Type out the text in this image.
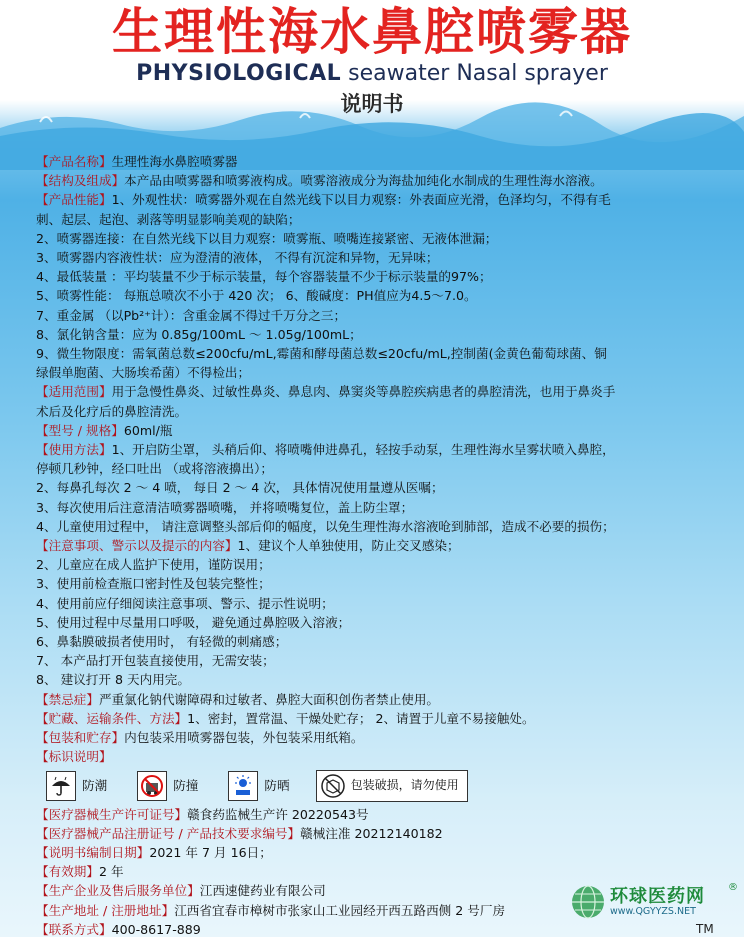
生理性海水鼻腔喷雾器
PHYSIOLOGICAL seawater Nasal sprayer
说明书
【产品名称】生理性海水鼻腔喷雾器
【结构及组成】本产品由喷雾器和喷雾液构成。喷雾溶液成分为海盐加纯化水制成的生理性海水溶液。
【产品性能】1、外观性状：喷雾器外观在自然光线下以目力观察：外表面应光滑，色泽均匀，不得有毛
刺、起层、起泡、剥落等明显影响美观的缺陷；
2、喷雾器连接：在自然光线下以目力观察：喷雾瓶、喷嘴连接紧密、无液体泄漏；
3、喷雾器内容液性状：应为澄清的液体， 不得有沉淀和异物，无异味；
4、最低装量 ：平均装量不少于标示装量，每个容器装量不少于标示装量的97%；
5、喷雾性能： 每瓶总喷次不小于 420 次； 6、酸碱度：PH值应为4.5～7.0。
7、重金属 （以Pb²⁺计）：含重金属不得过千万分之三；
8、氯化钠含量：应为 0.85g/100mL ～ 1.05g/100mL；
9、微生物限度：需氧菌总数≤200cfu/mL,霉菌和酵母菌总数≤20cfu/mL,控制菌(金黄色葡萄球菌、铜
绿假单胞菌、大肠埃希菌）不得检出；
【适用范围】用于急慢性鼻炎、过敏性鼻炎、鼻息肉、鼻窦炎等鼻腔疾病患者的鼻腔清洗，也用于鼻炎手
术后及化疗后的鼻腔清洗。
【型号 / 规格】60ml/瓶
【使用方法】1、开启防尘罩， 头稍后仰、将喷嘴伸进鼻孔，轻按手动泵，生理性海水呈雾状喷入鼻腔，
停顿几秒钟，经口吐出 （或将溶液擤出）；
2、每鼻孔每次 2 ～ 4 喷， 每日 2 ～ 4 次， 具体情况使用量遵从医嘱；
3、每次使用后注意清洁喷雾器喷嘴， 并将喷嘴复位，盖上防尘罩；
4、儿童使用过程中， 请注意调整头部后仰的幅度，以免生理性海水溶液呛到肺部，造成不必要的损伤；
【注意事项、警示以及提示的内容】1、建议个人单独使用，防止交叉感染；
2、儿童应在成人监护下使用，谨防误用；
3、使用前检查瓶口密封性及包装完整性；
4、使用前应仔细阅读注意事项、警示、提示性说明；
5、使用过程中尽量用口呼吸， 避免通过鼻腔吸入溶液；
6、鼻黏膜破损者使用时， 有轻微的刺痛感；
7、 本产品打开包装直接使用，无需安装；
8、 建议打开 8 天内用完。
【禁忌症】严重氯化钠代谢障碍和过敏者、鼻腔大面积创伤者禁止使用。
【贮藏、运输条件、方法】1、密封，置常温、干燥处贮存； 2、请置于儿童不易接触处。
【包装和贮存】内包装采用喷雾器包装，外包装采用纸箱。
【标识说明】
防潮	防撞	防晒	包装破损，请勿使用
【医疗器械生产许可证号】赣食药监械生产许 20220543号
【医疗器械产品注册证号 / 产品技术要求编号】赣械注准 20212140182
【说明书编制日期】2021 年 7 月 16日；
【有效期】2 年
【生产企业及售后服务单位】江西速健药业有限公司
【生产地址 / 注册地址】江西省宜春市樟树市张家山工业园经开西五路西侧 2 号厂房
【联系方式】400-8617-889
环球医药网 ®
www.QGYYZS.NET
TM
